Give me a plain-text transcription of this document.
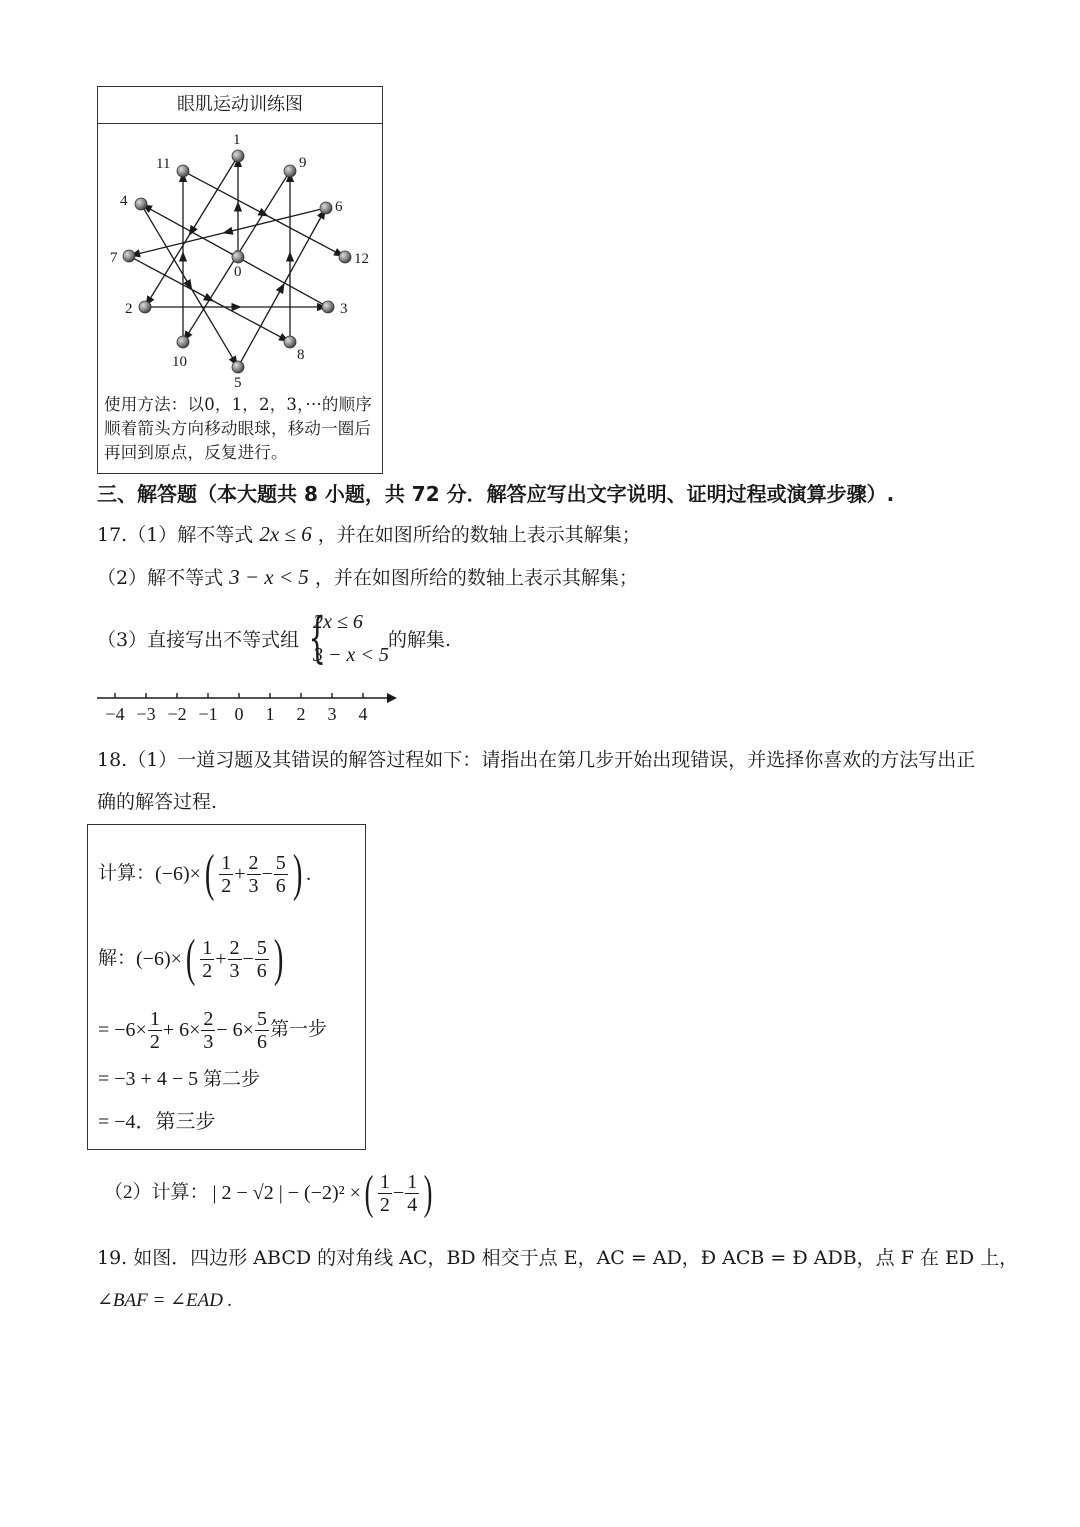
眼肌运动训练图
0
1
2	3
4
5
6
7
8
9
10
11
12
使用方法：以0，1，2，3，···的顺序顺着箭头方向移动眼球，移动一圈后再回到原点，反复进行。
三、解答题（本大题共 8 小题，共 72 分．解答应写出文字说明、证明过程或演算步骤）.
17.（1）解不等式 2x ≤ 6 ，并在如图所给的数轴上表示其解集；
（2）解不等式 3 − x < 5 ，并在如图所给的数轴上表示其解集；
（3）直接写出不等式组 {
2x ≤ 6
3 − x < 5
的解集.
−4 −3 −2 −1 0 1 2 3 4
18.（1）一道习题及其错误的解答过程如下：请指出在第几步开始出现错误，并选择你喜欢的方法写出正
确的解答过程.
计算： (−6)× ( $\frac{1}{2} + \frac{2}{3} - \frac{5}{6}$ ) .
解： (−6)× ( $\frac{1}{2} + \frac{2}{3} - \frac{5}{6}$ )
= $-6\times \frac{1}{2} + 6\times \frac{2}{3} - 6\times \frac{5}{6}$ 第一步
= −3 + 4 − 5 第二步
= −4．第三步
（2）计算： | 2 − √2 | − (−2)² × ( $\frac{1}{2} - \frac{1}{4}$ )
19. 如图．四边形 ABCD 的对角线 AC，BD 相交于点 E，AC = AD，Ð ACB = Ð ADB，点 F 在 ED 上，
∠BAF = ∠EAD .
